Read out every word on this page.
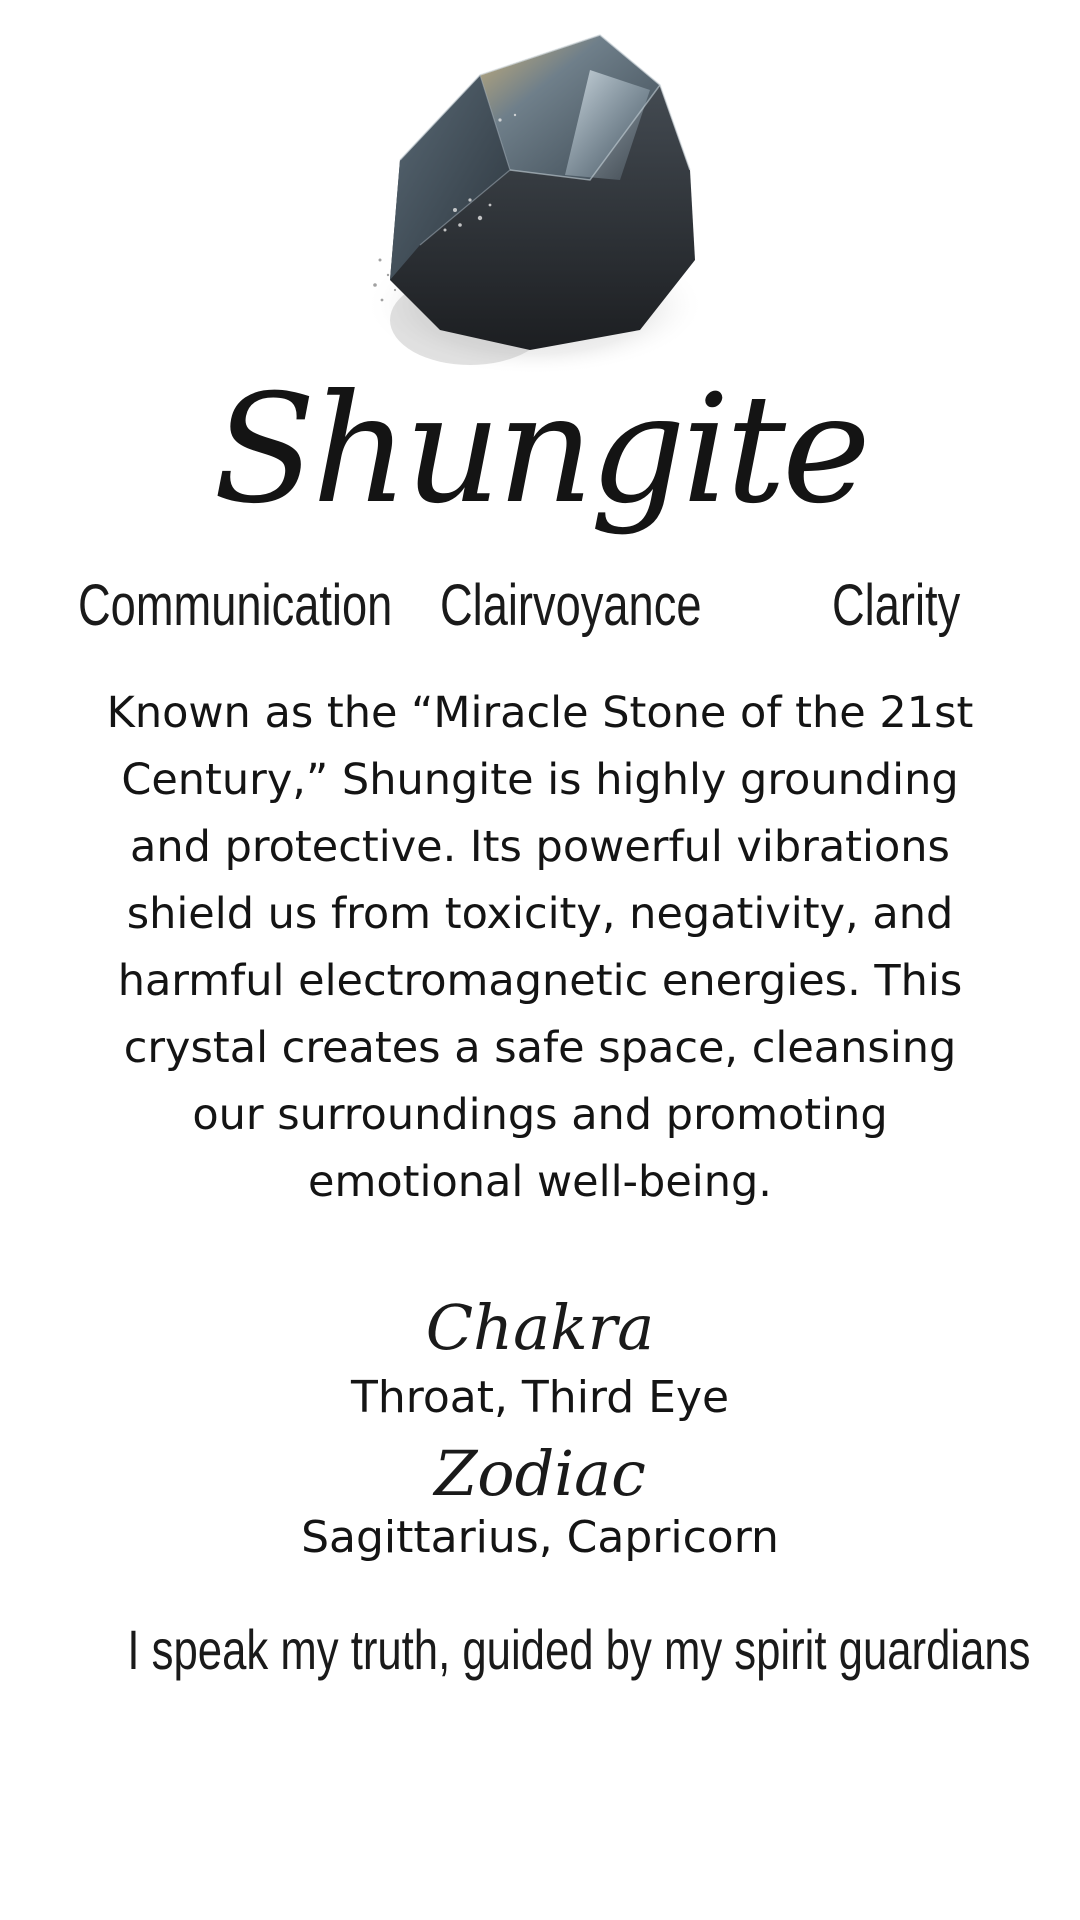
Shungite
Communication Clairvoyance Clarity
Known as the “Miracle Stone of the 21st Century,” Shungite is highly grounding and protective. Its powerful vibrations shield us from toxicity, negativity, and harmful electromagnetic energies. This crystal creates a safe space, cleansing our surroundings and promoting emotional well-being.
Chakra
Throat, Third Eye
Zodiac
Sagittarius, Capricorn
I speak my truth, guided by my spirit guardians
